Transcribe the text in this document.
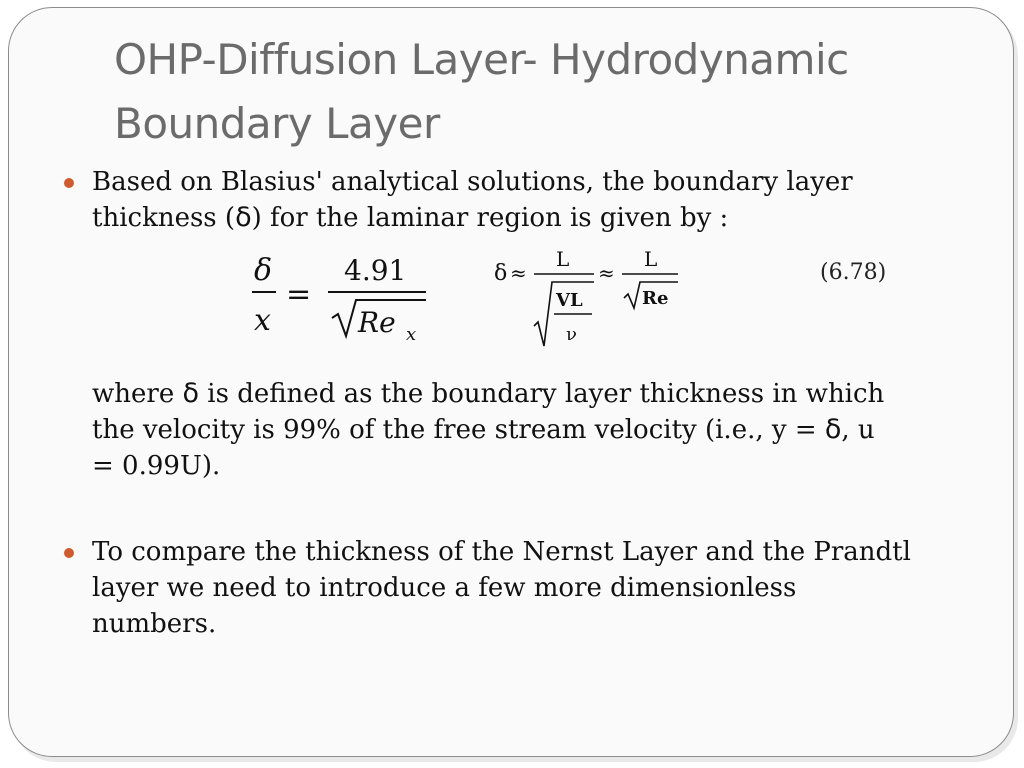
OHP-Diffusion Layer- Hydrodynamic
Boundary Layer

Based on Blasius' analytical solutions, the boundary layer
thickness (δ) for the laminar region is given by :

δ
x
=
4.91
Re x
δ ≈
L
VL
ν
≈
L
Re
(6.78)

where δ is defined as the boundary layer thickness in which
the velocity is 99% of the free stream velocity (i.e., y = δ, u
= 0.99U).

To compare the thickness of the Nernst Layer and the Prandtl
layer we need to introduce a few more dimensionless
numbers.
